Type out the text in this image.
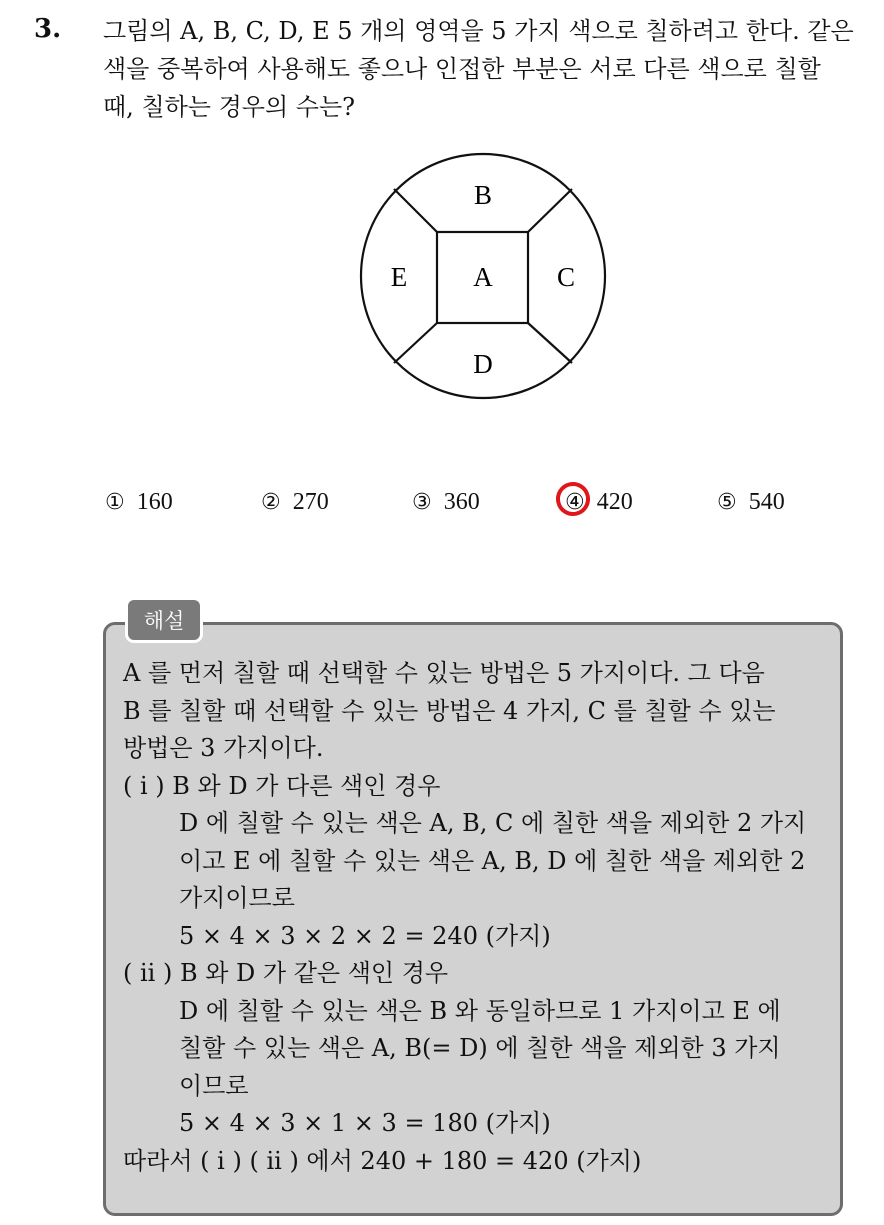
3. 그림의 A, B, C, D, E 5 개의 영역을 5 가지 색으로 칠하려고 한다. 같은
색을 중복하여 사용해도 좋으나 인접한 부분은 서로 다른 색으로 칠할
때, 칠하는 경우의 수는?
A
B
C
D
E
① 160	② 270	③ 360	④ 420	⑤ 540
해설
A 를 먼저 칠할 때 선택할 수 있는 방법은 5 가지이다. 그 다음
B 를 칠할 때 선택할 수 있는 방법은 4 가지, C 를 칠할 수 있는
방법은 3 가지이다.
( i ) B 와 D 가 다른 색인 경우
D 에 칠할 수 있는 색은 A, B, C 에 칠한 색을 제외한 2 가지
이고 E 에 칠할 수 있는 색은 A, B, D 에 칠한 색을 제외한 2
가지이므로
5 × 4 × 3 × 2 × 2 = 240 (가지)
( ii ) B 와 D 가 같은 색인 경우
D 에 칠할 수 있는 색은 B 와 동일하므로 1 가지이고 E 에
칠할 수 있는 색은 A, B(= D) 에 칠한 색을 제외한 3 가지
이므로
5 × 4 × 3 × 1 × 3 = 180 (가지)
따라서 ( i ) ( ii ) 에서 240 + 180 = 420 (가지)
